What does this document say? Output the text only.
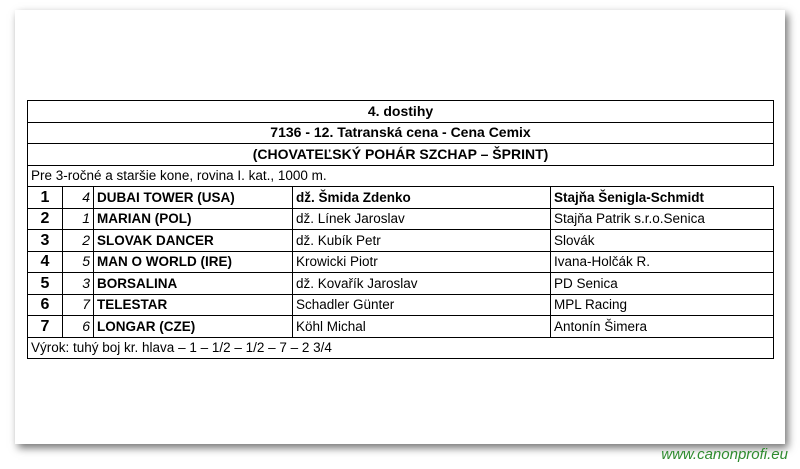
4. dostihy				
7136 - 12. Tatranská cena - Cena Cemix				
(CHOVATEĽSKÝ POHÁR SZCHAP – ŠPRINT)				
Pre 3-ročné a staršie kone, rovina I. kat., 1000 m.				
1	4	DUBAI TOWER (USA)	dž. Šmida Zdenko	Stajňa Šenigla-Schmidt
2	1	MARIAN (POL)	dž. Línek Jaroslav	Stajňa Patrik s.r.o.Senica
3	2	SLOVAK DANCER	dž. Kubík Petr	Slovák
4	5	MAN O WORLD (IRE)	Krowicki Piotr	Ivana-Holčák R.
5	3	BORSALINA	dž. Kovařík Jaroslav	PD Senica
6	7	TELESTAR	Schadler Günter	MPL Racing
7	6	LONGAR (CZE)	Köhl Michal	Antonín Šimera
Výrok: tuhý boj kr. hlava – 1 – 1/2 – 1/2 – 7 – 2 3/4				
www.canonprofi.eu
